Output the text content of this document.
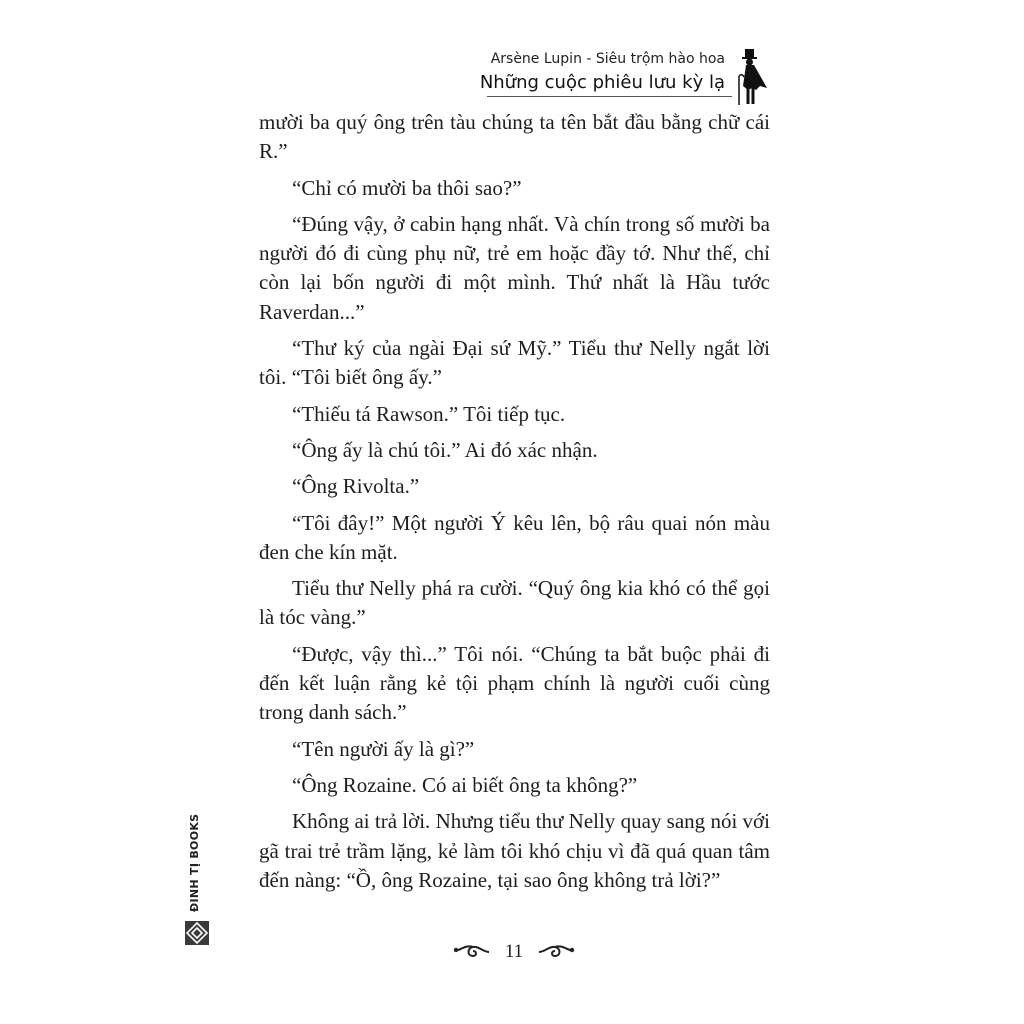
Arsène Lupin - Siêu trộm hào hoa
Những cuộc phiêu lưu kỳ lạ

mười ba quý ông trên tàu chúng ta tên bắt đầu bằng chữ cái R.”

“Chỉ có mười ba thôi sao?”

“Đúng vậy, ở cabin hạng nhất. Và chín trong số mười ba người đó đi cùng phụ nữ, trẻ em hoặc đầy tớ. Như thế, chỉ còn lại bốn người đi một mình. Thứ nhất là Hầu tước Raverdan...”

“Thư ký của ngài Đại sứ Mỹ.” Tiểu thư Nelly ngắt lời tôi. “Tôi biết ông ấy.”

“Thiếu tá Rawson.” Tôi tiếp tục.

“Ông ấy là chú tôi.” Ai đó xác nhận.

“Ông Rivolta.”

“Tôi đây!” Một người Ý kêu lên, bộ râu quai nón màu đen che kín mặt.

Tiểu thư Nelly phá ra cười. “Quý ông kia khó có thể gọi là tóc vàng.”

“Được, vậy thì...” Tôi nói. “Chúng ta bắt buộc phải đi đến kết luận rằng kẻ tội phạm chính là người cuối cùng trong danh sách.”

“Tên người ấy là gì?”

“Ông Rozaine. Có ai biết ông ta không?”

Không ai trả lời. Nhưng tiểu thư Nelly quay sang nói với gã trai trẻ trầm lặng, kẻ làm tôi khó chịu vì đã quá quan tâm đến nàng: “Ồ, ông Rozaine, tại sao ông không trả lời?”

ĐINH TỊ BOOKS
11
